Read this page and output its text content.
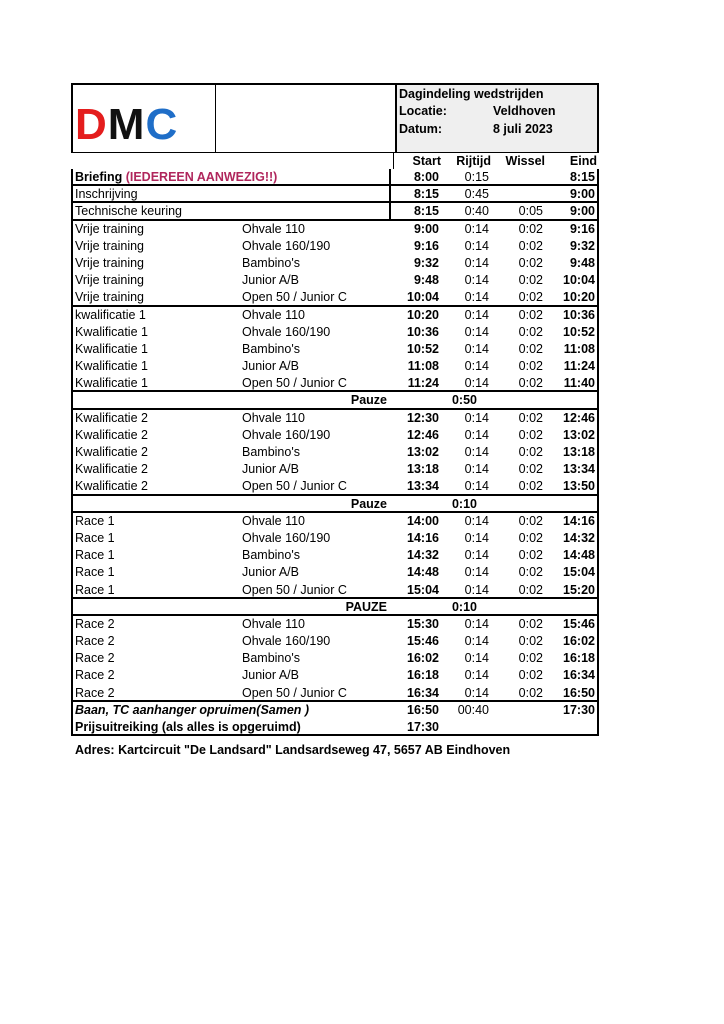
DMC
Dagindeling wedstrijden
Locatie:	Veldhoven
Datum:	8 juli 2023
Start Rijtijd Wissel Eind
Briefing (IEDEREEN AANWEZIG!!)	8:00 0:15	8:15
Inschrijving	8:15 0:45	9:00
Technische keuring	8:15 0:40 0:05 9:00
Vrije training	Ohvale 110	9:00 0:14 0:02 9:16
Vrije training	Ohvale 160/190	9:16 0:14 0:02 9:32
Vrije training	Bambino's	9:32 0:14 0:02 9:48
Vrije training	Junior A/B	9:48 0:14 0:02 10:04
Vrije training	Open 50 / Junior C	10:04 0:14 0:02 10:20
kwalificatie 1	Ohvale 110	10:20 0:14 0:02 10:36
Kwalificatie 1	Ohvale 160/190	10:36 0:14 0:02 10:52
Kwalificatie 1	Bambino's	10:52 0:14 0:02 11:08
Kwalificatie 1	Junior A/B	11:08 0:14 0:02 11:24
Kwalificatie 1	Open 50 / Junior C	11:24 0:14 0:02 11:40
Pauze	0:50
Kwalificatie 2	Ohvale 110	12:30 0:14 0:02 12:46
Kwalificatie 2	Ohvale 160/190	12:46 0:14 0:02 13:02
Kwalificatie 2	Bambino's	13:02 0:14 0:02 13:18
Kwalificatie 2	Junior A/B	13:18 0:14 0:02 13:34
Kwalificatie 2	Open 50 / Junior C	13:34 0:14 0:02 13:50
Pauze	0:10
Race 1	Ohvale 110	14:00 0:14 0:02 14:16
Race 1	Ohvale 160/190	14:16 0:14 0:02 14:32
Race 1	Bambino's	14:32 0:14 0:02 14:48
Race 1	Junior A/B	14:48 0:14 0:02 15:04
Race 1	Open 50 / Junior C	15:04 0:14 0:02 15:20
PAUZE	0:10
Race 2	Ohvale 110	15:30 0:14 0:02 15:46
Race 2	Ohvale 160/190	15:46 0:14 0:02 16:02
Race 2	Bambino's	16:02 0:14 0:02 16:18
Race 2	Junior A/B	16:18 0:14 0:02 16:34
Race 2	Open 50 / Junior C	16:34 0:14 0:02 16:50
Baan, TC aanhanger opruimen(Samen )	16:50 00:40	17:30
Prijsuitreiking (als alles is opgeruimd)	17:30
Adres: Kartcircuit "De Landsard" Landsardseweg 47, 5657 AB Eindhoven
